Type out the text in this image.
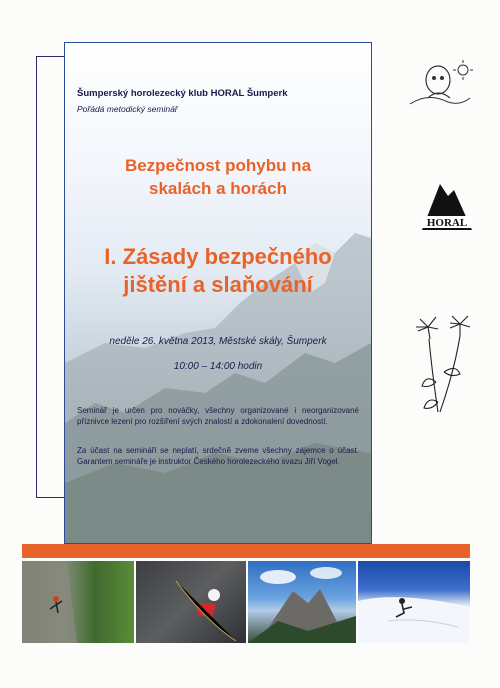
Šumperský horolezecký klub HORAL Šumperk

Pořádá metodický seminář

Bezpečnost pohybu na
skalách a horách
I. Zásady bezpečného
jištění a slaňování

neděle 26. května 2013, Městské skály, Šumperk

10:00 – 14:00 hodin

Seminář je určen pro nováčky, všechny organizované i neorganizované příznivce lezení pro rozšíření svých znalostí a zdokonalení dovedností.

Za účast na semináři se neplatí, srdečně zveme všechny zájemce o účast. Garantem semináře je instruktor Českého horolezeckého svazu Jiří Vogel.

HORAL
